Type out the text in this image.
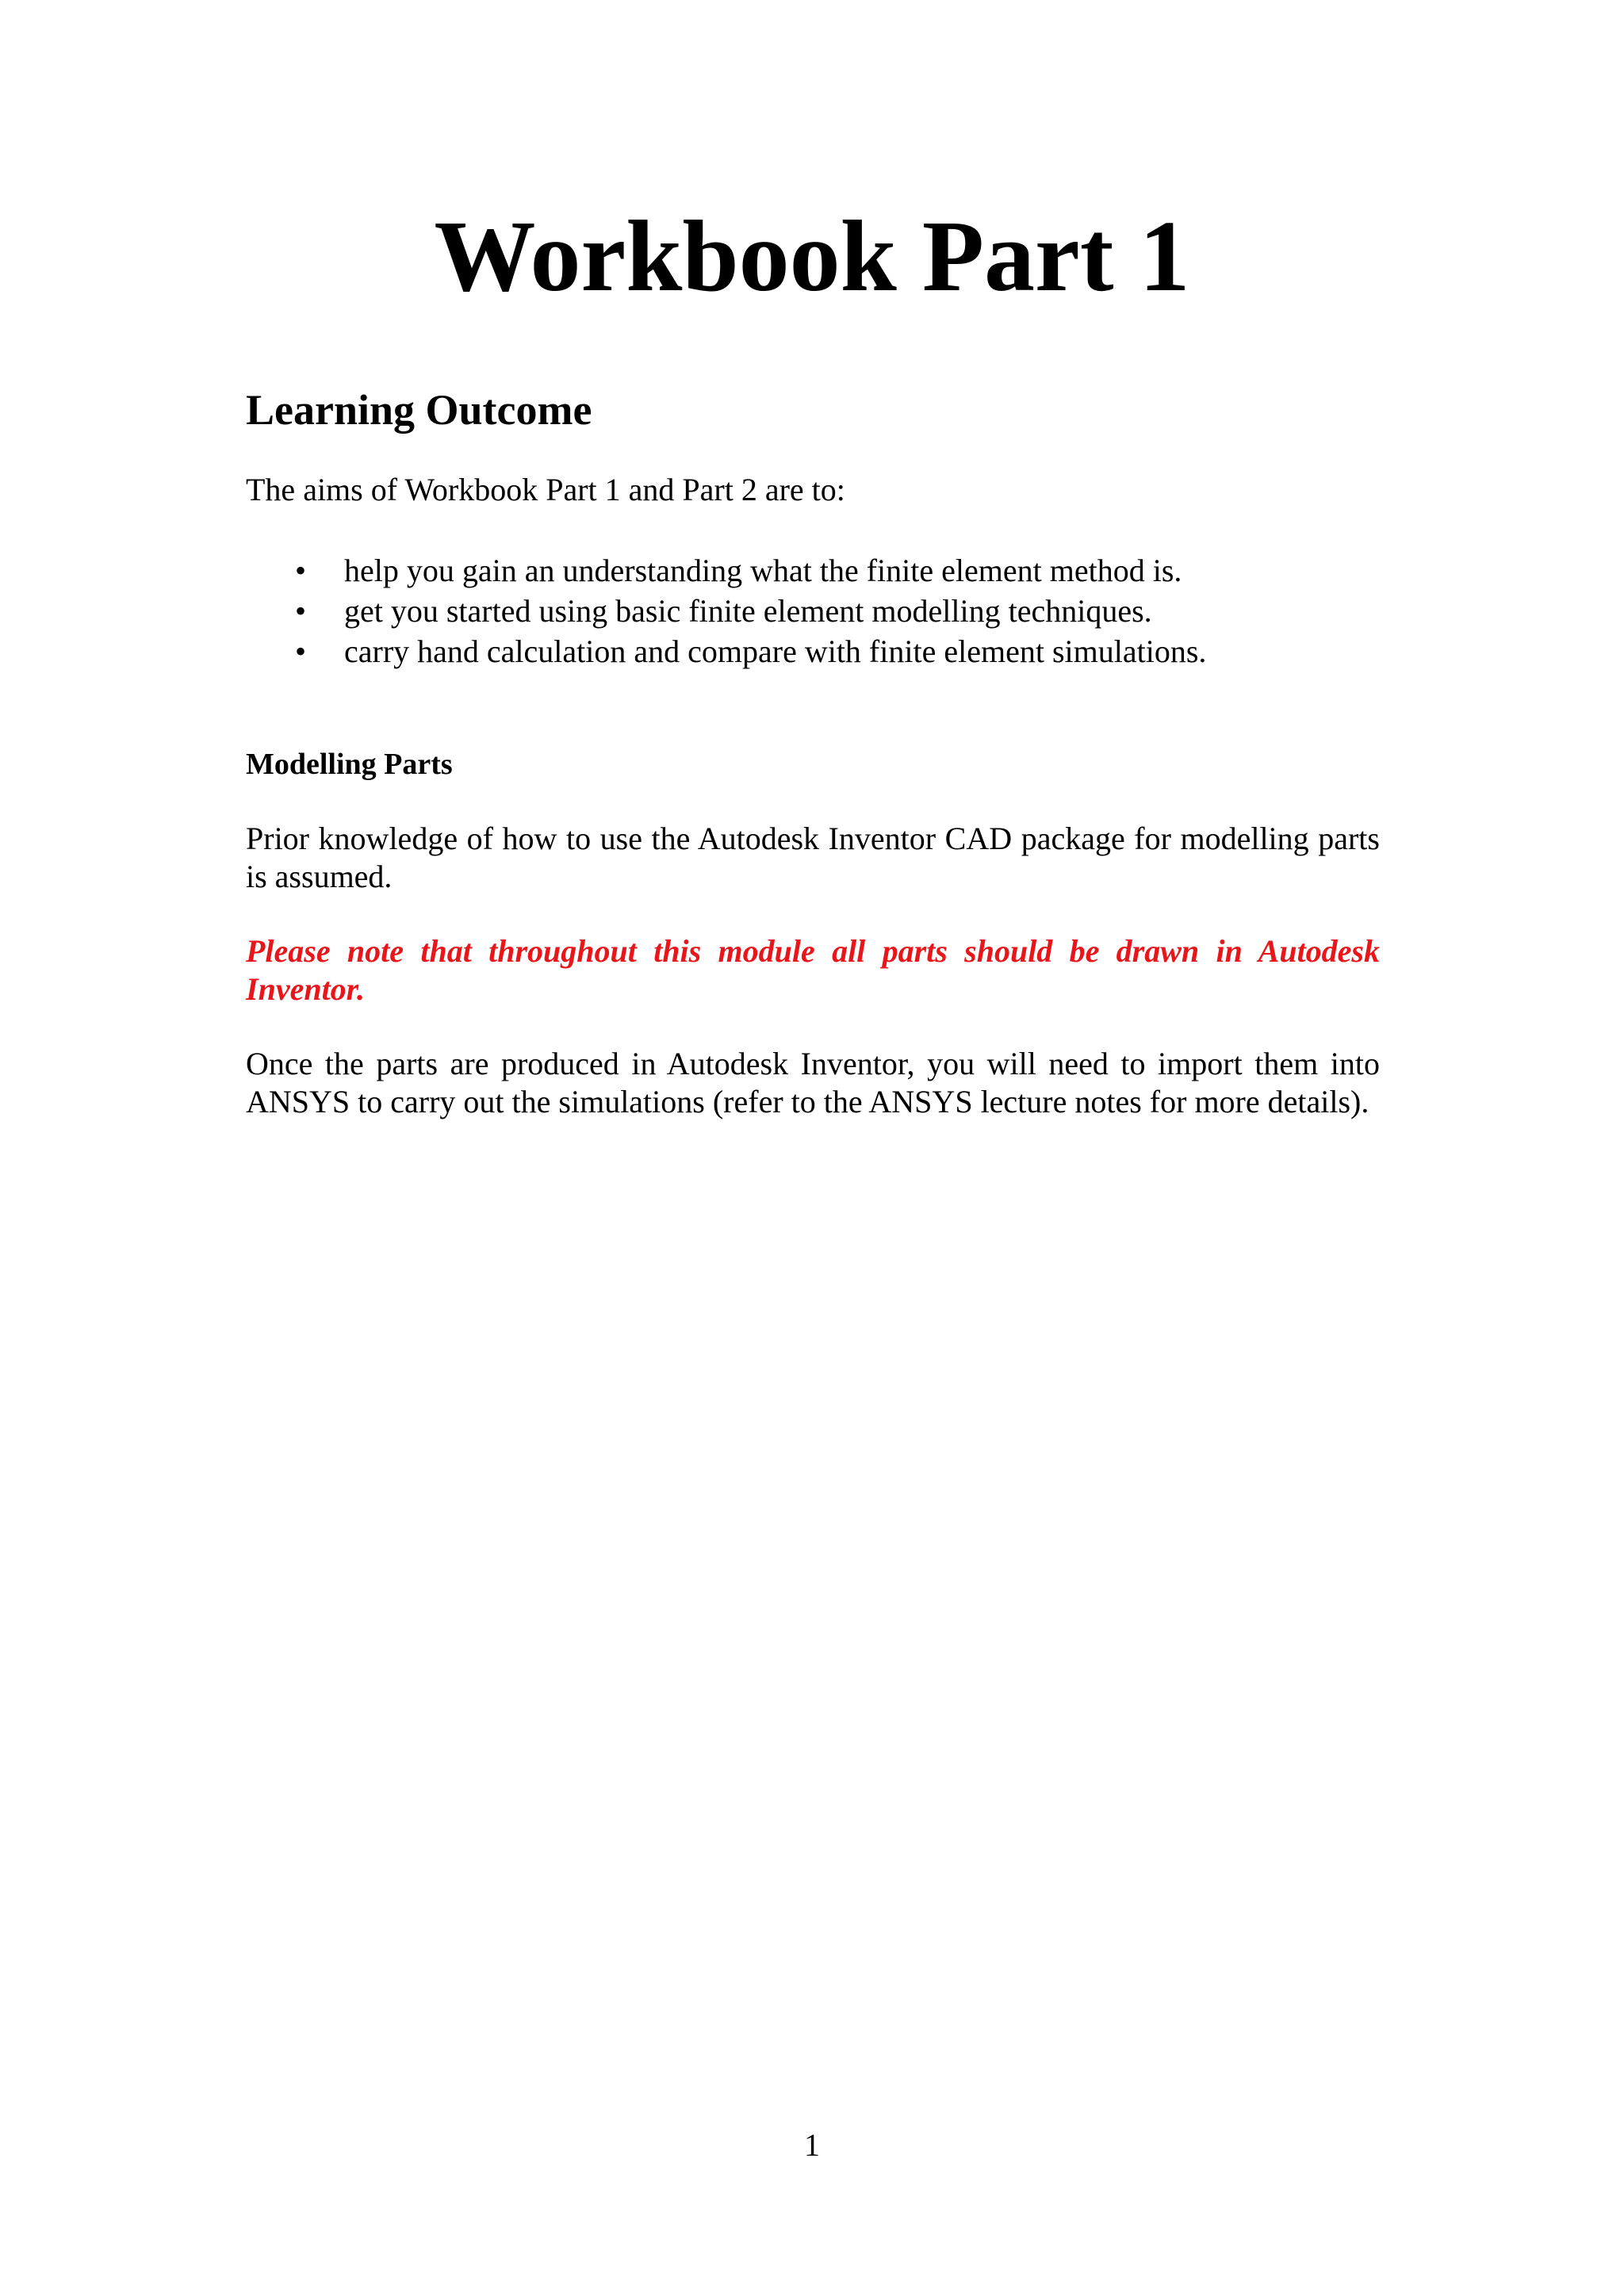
Workbook Part 1
Learning Outcome

The aims of Workbook Part 1 and Part 2 are to:

• help you gain an understanding what the finite element method is.
• get you started using basic finite element modelling techniques.
• carry hand calculation and compare with finite element simulations.
Modelling Parts

Prior knowledge of how to use the Autodesk Inventor CAD package for modelling parts is assumed.

Please note that throughout this module all parts should be drawn in Autodesk Inventor.

Once the parts are produced in Autodesk Inventor, you will need to import them into ANSYS to carry out the simulations (refer to the ANSYS lecture notes for more details).

1
